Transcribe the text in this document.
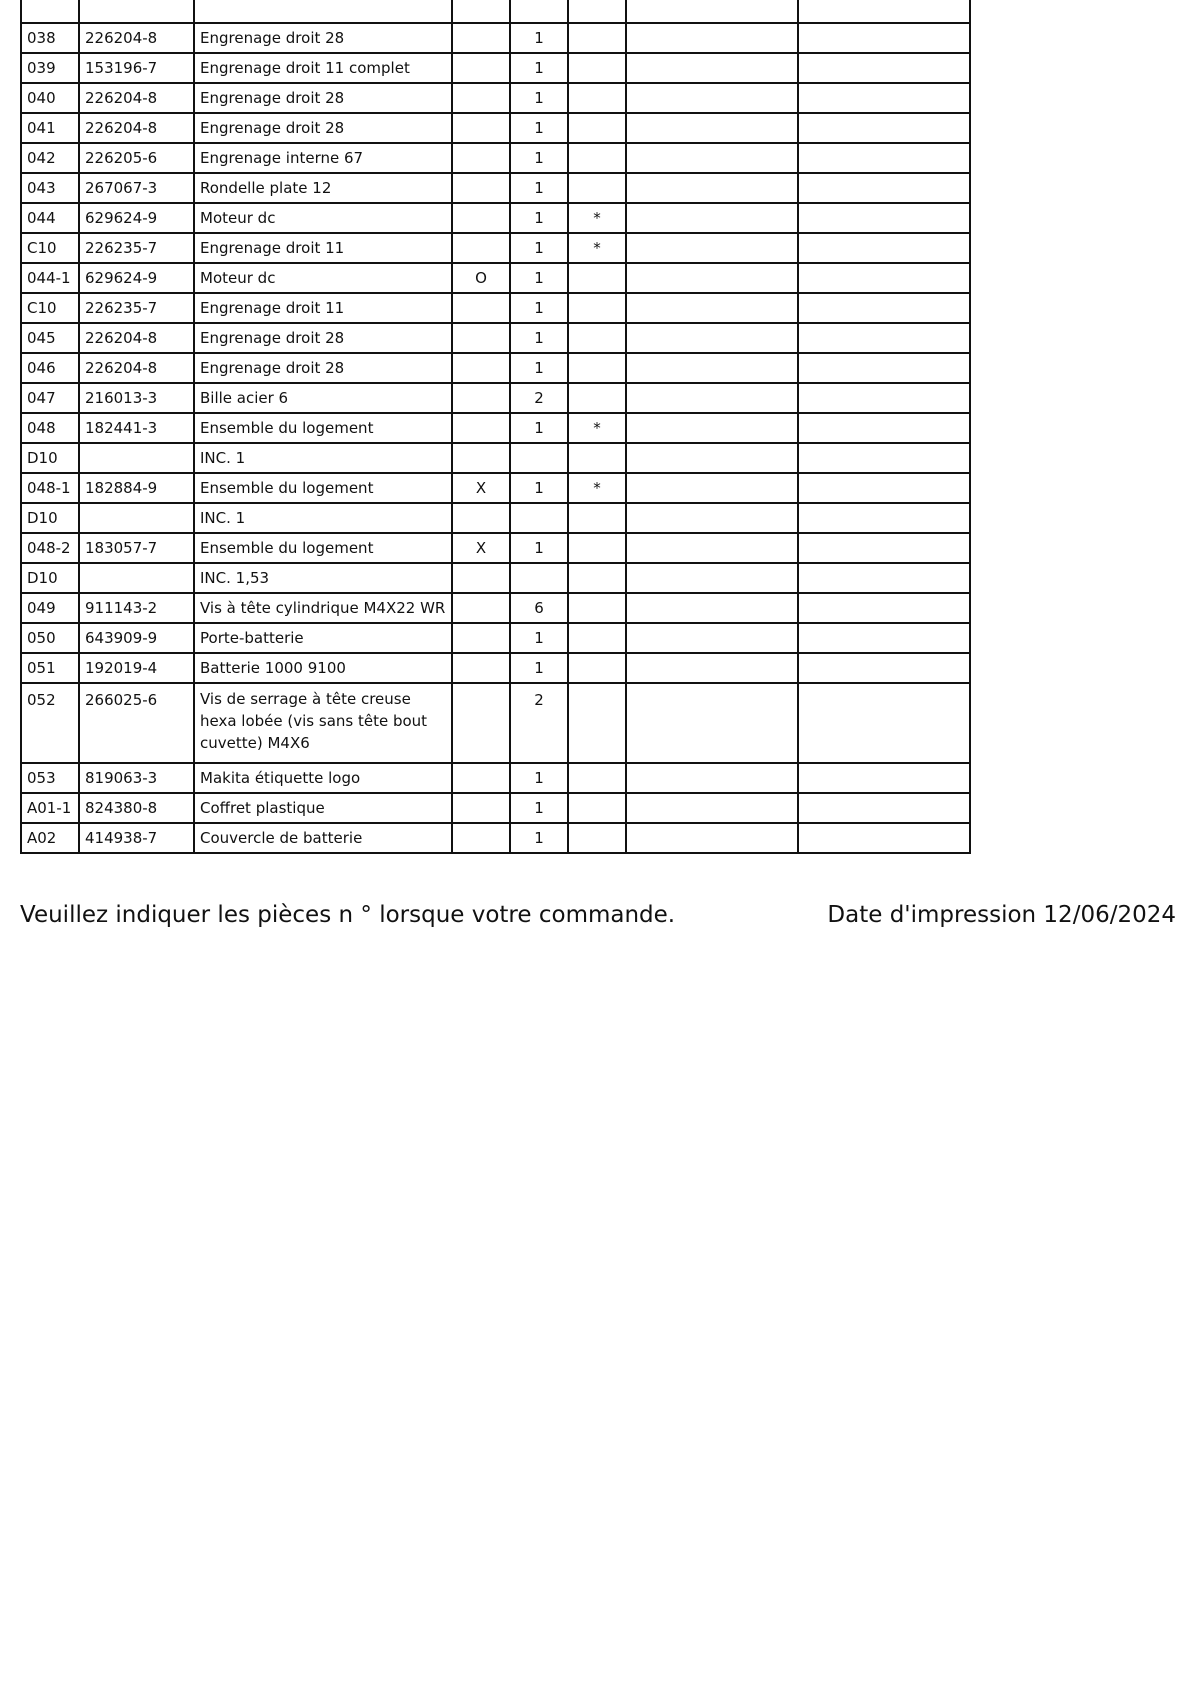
038	226204-8	Engrenage droit 28		1			
039	153196-7	Engrenage droit 11 complet		1			
040	226204-8	Engrenage droit 28		1			
041	226204-8	Engrenage droit 28		1			
042	226205-6	Engrenage interne 67		1			
043	267067-3	Rondelle plate 12		1			
044	629624-9	Moteur dc		1	*		
C10	226235-7	Engrenage droit 11		1	*		
044-1	629624-9	Moteur dc	O	1			
C10	226235-7	Engrenage droit 11		1			
045	226204-8	Engrenage droit 28		1			
046	226204-8	Engrenage droit 28		1			
047	216013-3	Bille acier 6		2			
048	182441-3	Ensemble du logement		1	*		
D10		INC. 1					
048-1	182884-9	Ensemble du logement	X	1	*		
D10		INC. 1					
048-2	183057-7	Ensemble du logement	X	1			
D10		INC. 1,53					
049	911143-2	Vis à tête cylindrique M4X22 WR		6			
050	643909-9	Porte-batterie		1			
051	192019-4	Batterie 1000 9100		1			
052	266025-6	Vis de serrage à tête creuse hexa lobée (vis sans tête bout cuvette) M4X6		2			
053	819063-3	Makita étiquette logo		1			
A01-1	824380-8	Coffret plastique		1			
A02	414938-7	Couvercle de batterie		1			
Veuillez indiquer les pièces n ° lorsque votre commande.	Date d'impression 12/06/2024
